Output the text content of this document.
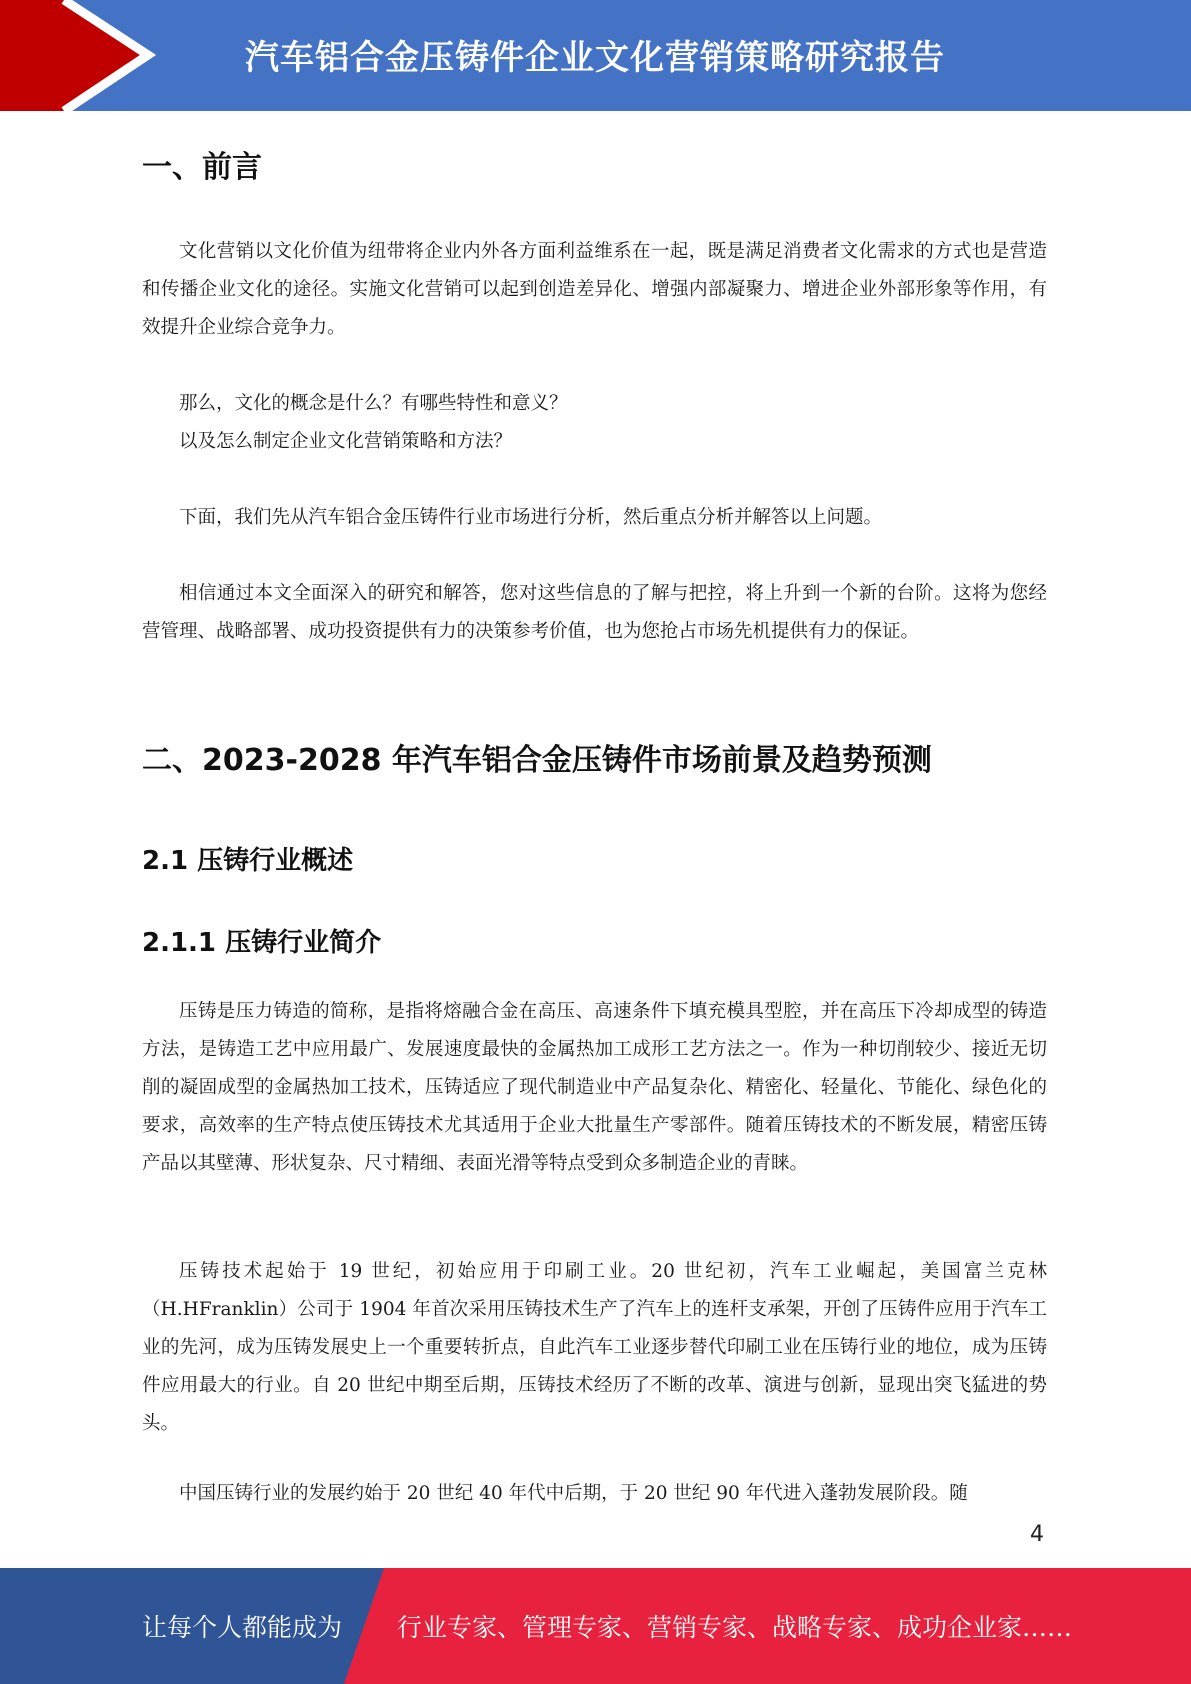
汽车铝合金压铸件企业文化营销策略研究报告
一、前言

文化营销以文化价值为纽带将企业内外各方面利益维系在一起，既是满足消费者文化需求的方式也是营造和传播企业文化的途径。实施文化营销可以起到创造差异化、增强内部凝聚力、增进企业外部形象等作用，有效提升企业综合竞争力。

那么，文化的概念是什么？有哪些特性和意义？

以及怎么制定企业文化营销策略和方法？

下面，我们先从汽车铝合金压铸件行业市场进行分析，然后重点分析并解答以上问题。

相信通过本文全面深入的研究和解答，您对这些信息的了解与把控，将上升到一个新的台阶。这将为您经营管理、战略部署、成功投资提供有力的决策参考价值，也为您抢占市场先机提供有力的保证。

二、2023-2028 年汽车铝合金压铸件市场前景及趋势预测
2.1 压铸行业概述
2.1.1 压铸行业简介

压铸是压力铸造的简称，是指将熔融合金在高压、高速条件下填充模具型腔，并在高压下冷却成型的铸造方法，是铸造工艺中应用最广、发展速度最快的金属热加工成形工艺方法之一。作为一种切削较少、接近无切削的凝固成型的金属热加工技术，压铸适应了现代制造业中产品复杂化、精密化、轻量化、节能化、绿色化的要求，高效率的生产特点使压铸技术尤其适用于企业大批量生产零部件。随着压铸技术的不断发展，精密压铸产品以其壁薄、形状复杂、尺寸精细、表面光滑等特点受到众多制造企业的青睐。

压铸技术起始于 19 世纪，初始应用于印刷工业。20 世纪初，汽车工业崛起，美国富兰克林（H.HFranklin）公司于 1904 年首次采用压铸技术生产了汽车上的连杆支承架，开创了压铸件应用于汽车工业的先河，成为压铸发展史上一个重要转折点，自此汽车工业逐步替代印刷工业在压铸行业的地位，成为压铸件应用最大的行业。自 20 世纪中期至后期，压铸技术经历了不断的改革、演进与创新，显现出突飞猛进的势头。

中国压铸行业的发展约始于 20 世纪 40 年代中后期，于 20 世纪 90 年代进入蓬勃发展阶段。随

4
让每个人都能成为 行业专家、管理专家、营销专家、战略专家、成功企业家……
